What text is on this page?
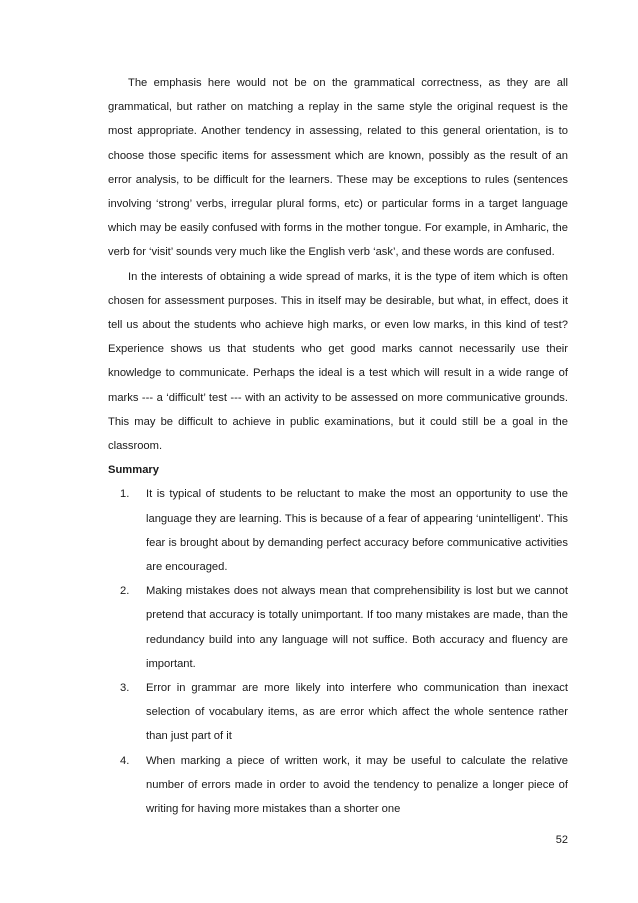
The emphasis here would not be on the grammatical correctness, as they are all grammatical, but rather on matching a replay in the same style the original request is the most appropriate. Another tendency in assessing, related to this general orientation, is to choose those specific items for assessment which are known, possibly as the result of an error analysis, to be difficult for the learners. These may be exceptions to rules (sentences involving ‘strong’ verbs, irregular plural forms, etc) or particular forms in a target language which may be easily confused with forms in the mother tongue. For example, in Amharic, the verb for ‘visit’ sounds very much like the English verb ‘ask’, and these words are confused.

In the interests of obtaining a wide spread of marks, it is the type of item which is often chosen for assessment purposes. This in itself may be desirable, but what, in effect, does it tell us about the students who achieve high marks, or even low marks, in this kind of test? Experience shows us that students who get good marks cannot necessarily use their knowledge to communicate. Perhaps the ideal is a test which will result in a wide range of marks --- a ‘difficult’ test --- with an activity to be assessed on more communicative grounds. This may be difficult to achieve in public examinations, but it could still be a goal in the classroom.

Summary

1. It is typical of students to be reluctant to make the most an opportunity to use the language they are learning. This is because of a fear of appearing ‘unintelligent’. This fear is brought about by demanding perfect accuracy before communicative activities are encouraged.
2. Making mistakes does not always mean that comprehensibility is lost but we cannot pretend that accuracy is totally unimportant. If too many mistakes are made, than the redundancy build into any language will not suffice. Both accuracy and fluency are important.
3. Error in grammar are more likely into interfere who communication than inexact selection of vocabulary items, as are error which affect the whole sentence rather than just part of it
4. When marking a piece of written work, it may be useful to calculate the relative number of errors made in order to avoid the tendency to penalize a longer piece of writing for having more mistakes than a shorter one
52
